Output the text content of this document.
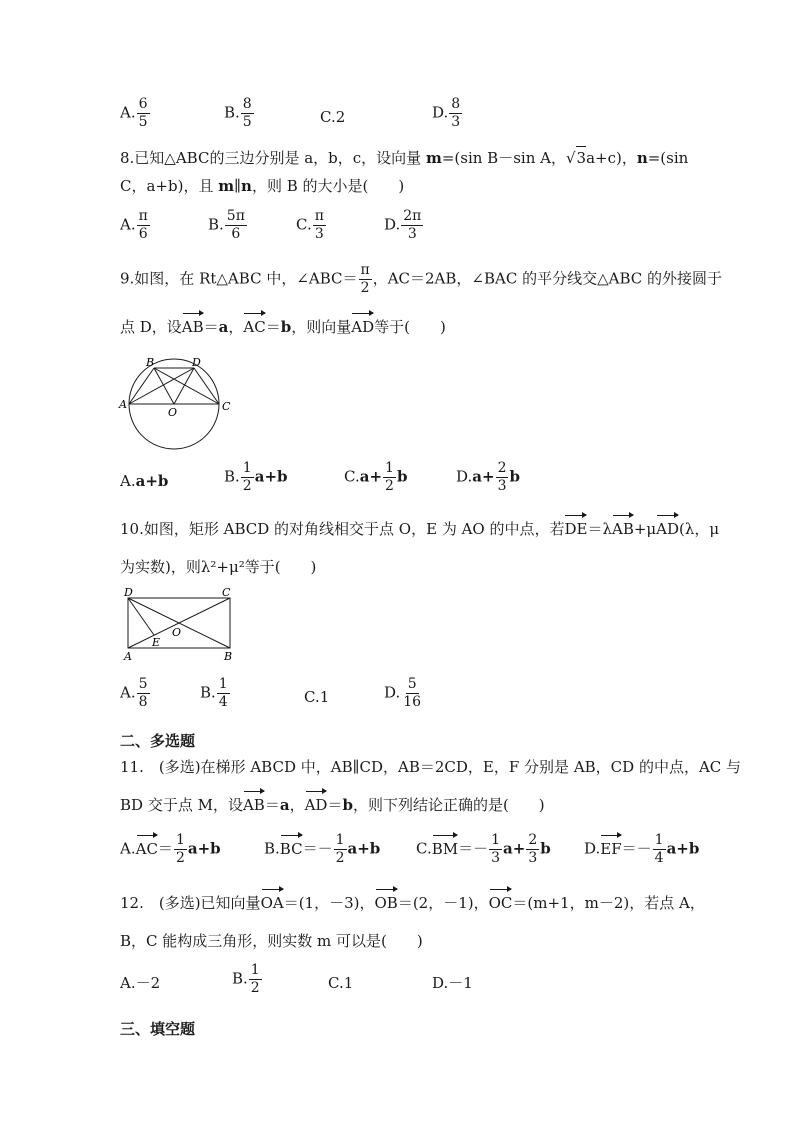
A. $\frac{6}{5}$	B. $\frac{8}{5}$	C.2	D. $\frac{8}{3}$
8.已知△ABC的三边分别是 a，b，c，设向量 m=(sin B－sin A，√3a+c)，n=(sin
C，a+b)，且 m∥n，则 B 的大小是(　　)
A. $\frac{\pi}{6}$	B. $\frac{5\pi}{6}$	C. $\frac{\pi}{3}$	D. $\frac{2\pi}{3}$
9.如图，在 Rt△ABC 中，∠ABC＝ $\frac{\pi}{2}$ ，AC＝2AB，∠BAC 的平分线交△ABC 的外接圆于
点 D，设AB＝a，AC＝b，则向量AD等于(　　)
B	D
A
O	C
A.a+b	B. $\frac{1}{2} a+b$	$C.a+ \frac{1}{2}$ b	$D.a+ \frac{2}{3}$ b
10.如图，矩形 ABCD 的对角线相交于点 O，E 为 AO 的中点，若DE＝λAB+μAD(λ，μ
为实数)，则λ²+μ²等于(　　)
D	C
O
E
A	B
A. $\frac{5}{8}$	B. $\frac{1}{4}$	C.1	D. $\frac{5}{16}$
二、多选题
11.　(多选)在梯形 ABCD 中，AB∥CD，AB＝2CD，E，F 分别是 AB，CD 的中点，AC 与
BD 交于点 M，设AB＝a，AD＝b，则下列结论正确的是(　　)
$A.AC= \frac{1}{2} a+b$	$B.BC=- \frac{1}{2} a+b$ $C.BM=- \frac{1}{3} a+ \frac{2}{3}$ b $D.EF=- \frac{1}{4} a+b$
12.　(多选)已知向量OA＝(1，－3)，OB＝(2，－1)，OC＝(m+1，m－2)，若点 A，
B，C 能构成三角形，则实数 m 可以是(　　)
A.－2	B. $\frac{1}{2}$	C.1	D.－1
三、填空题
